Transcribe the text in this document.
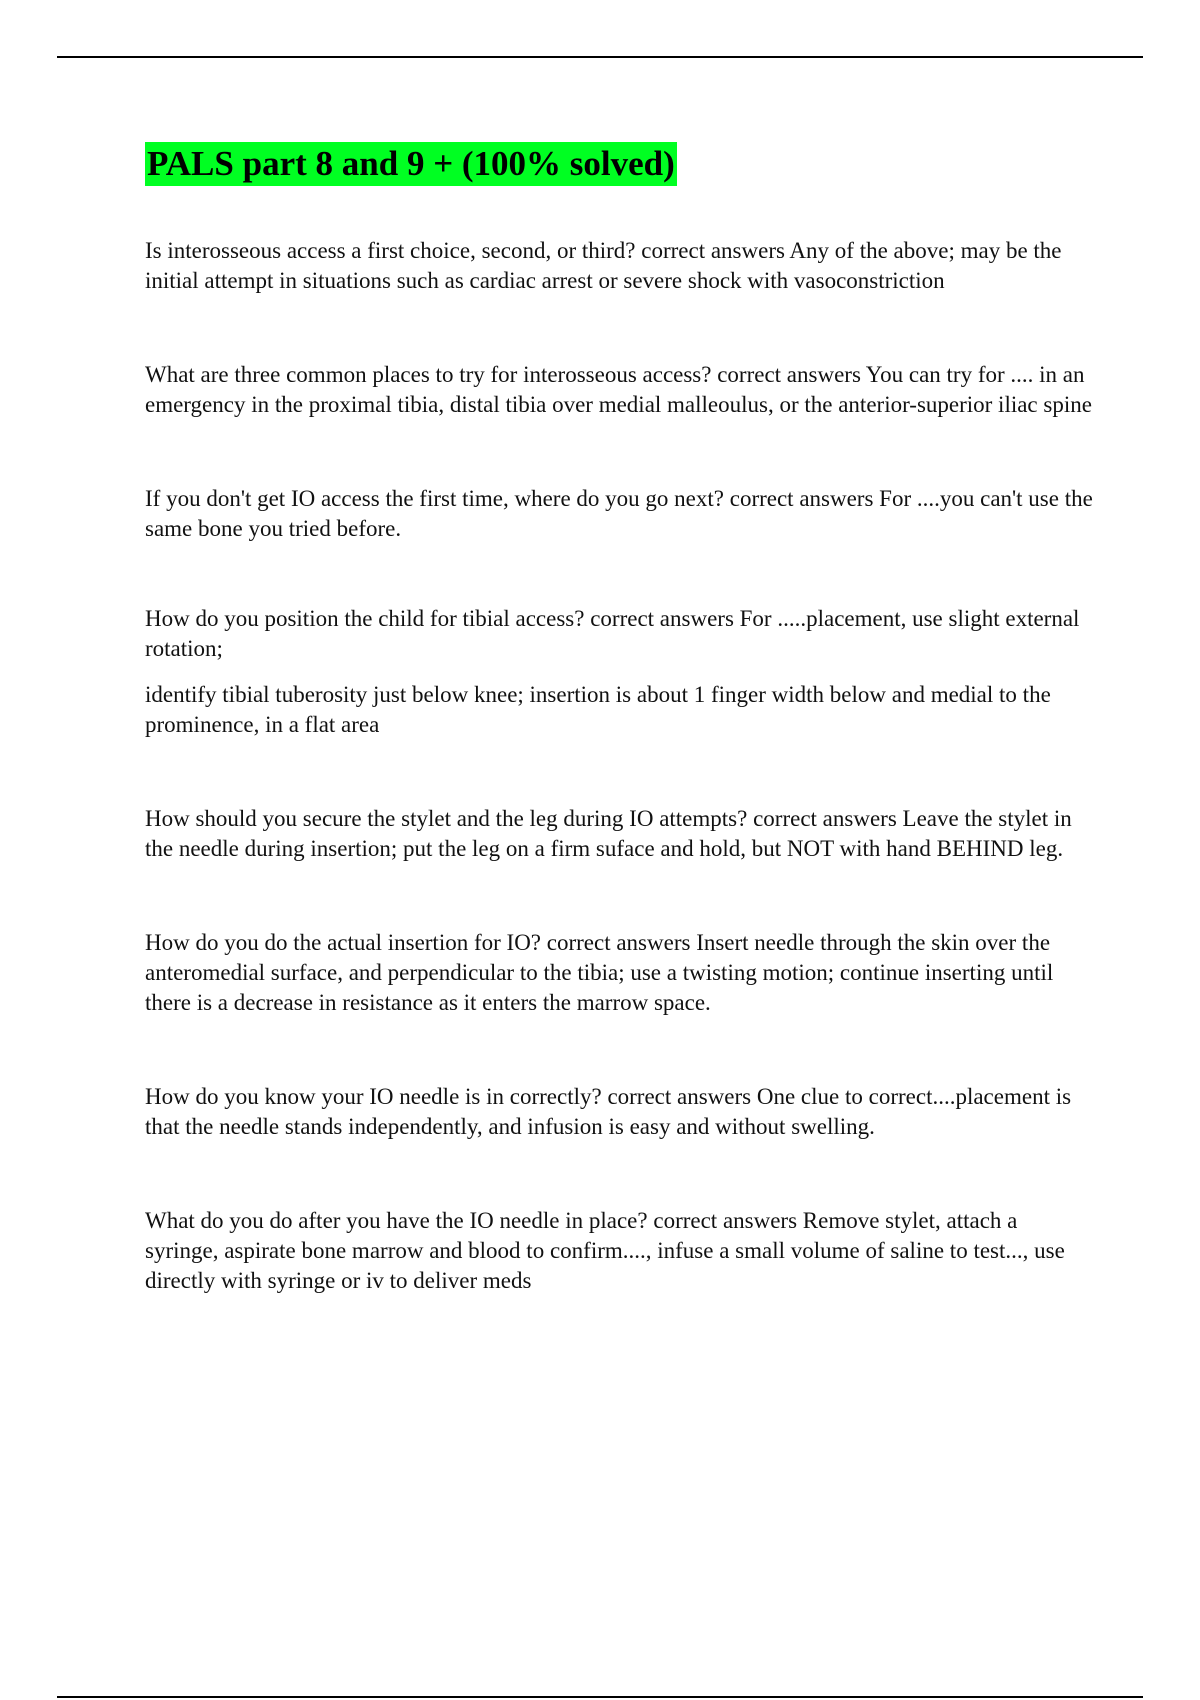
PALS part 8 and 9 + (100% solved)

Is interosseous access a first choice, second, or third? correct answers Any of the above; may be the initial attempt in situations such as cardiac arrest or severe shock with vasoconstriction

What are three common places to try for interosseous access? correct answers You can try for .... in an emergency in the proximal tibia, distal tibia over medial malleoulus, or the anterior-superior iliac spine

If you don't get IO access the first time, where do you go next? correct answers For ....you can't use the same bone you tried before.

How do you position the child for tibial access? correct answers For .....placement, use slight external rotation;

identify tibial tuberosity just below knee; insertion is about 1 finger width below and medial to the prominence, in a flat area

How should you secure the stylet and the leg during IO attempts? correct answers Leave the stylet in the needle during insertion; put the leg on a firm suface and hold, but NOT with hand BEHIND leg.

How do you do the actual insertion for IO? correct answers Insert needle through the skin over the anteromedial surface, and perpendicular to the tibia; use a twisting motion; continue inserting until there is a decrease in resistance as it enters the marrow space.

How do you know your IO needle is in correctly? correct answers One clue to correct....placement is that the needle stands independently, and infusion is easy and without swelling.

What do you do after you have the IO needle in place? correct answers Remove stylet, attach a syringe, aspirate bone marrow and blood to confirm...., infuse a small volume of saline to test..., use directly with syringe or iv to deliver meds
